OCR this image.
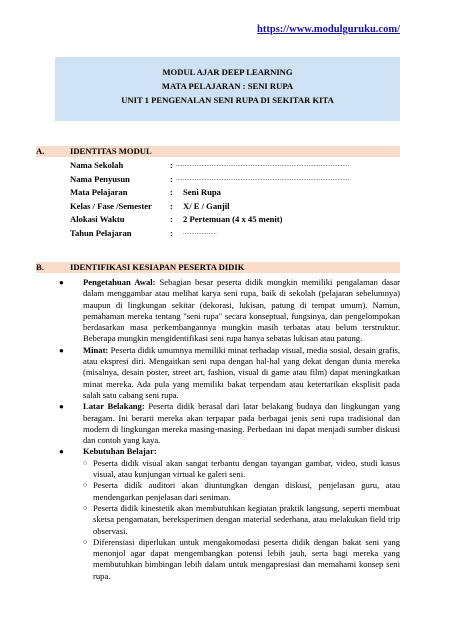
https://www.modulguruku.com/
MODUL AJAR DEEP LEARNING
MATA PELAJARAN : SENI RUPA
UNIT 1 PENGENALAN SENI RUPA DI SEKITAR KITA
A.	IDENTITAS MODUL
Nama Sekolah	: ......................................................................................................
Nama Penyusun	: ......................................................................................................
Mata Pelajaran	: Seni Rupa
Kelas / Fase /Semester : X/ E / Ganjil
Alokasi Waktu	: 2 Pertemuan (4 x 45 menit)
Tahun Pelajaran	: ....................
B.	IDENTIFIKASI KESIAPAN PESERTA DIDIK
● Pengetahuan Awal: Sebagian besar peserta didik mungkin memiliki pengalaman dasar dalam menggambar atau melihat karya seni rupa, baik di sekolah (pelajaran sebelumnya) maupun di lingkungan sekitar (dekorasi, lukisan, patung di tempat umum). Namun, pemahaman mereka tentang "seni rupa" secara konseptual, fungsinya, dan pengelompokan berdasarkan masa perkembangannya mungkin masih terbatas atau belum terstruktur. Beberapa mungkin mengidentifikasi seni rupa hanya sebatas lukisan atau patung.
● Minat: Peserta didik umumnya memiliki minat terhadap visual, media sosial, desain grafis, atau ekspresi diri. Mengaitkan seni rupa dengan hal-hal yang dekat dengan dunia mereka (misalnya, desain poster, street art, fashion, visual di game atau film) dapat meningkatkan minat mereka. Ada pula yang memiliki bakat terpendam atau ketertarikan eksplisit pada salah satu cabang seni rupa.
● Latar Belakang: Peserta didik berasal dari latar belakang budaya dan lingkungan yang beragam. Ini berarti mereka akan terpapar pada berbagai jenis seni rupa tradisional dan modern di lingkungan mereka masing-masing. Perbedaan ini dapat menjadi sumber diskusi dan contoh yang kaya.
● Kebutuhan Belajar:
○ Peserta didik visual akan sangat terbantu dengan tayangan gambar, video, studi kasus visual, atau kunjungan virtual ke galeri seni.
○ Peserta didik auditori akan diuntungkan dengan diskusi, penjelasan guru, atau mendengarkan penjelasan dari seniman.
○ Peserta didik kinestetik akan membutuhkan kegiatan praktik langsung, seperti membuat sketsa pengamatan, bereksperimen dengan material sederhana, atau melakukan field trip observasi.
○ Diferensiasi diperlukan untuk mengakomodasi peserta didik dengan bakat seni yang menonjol agar dapat mengembangkan potensi lebih jauh, serta bagi mereka yang membutuhkan bimbingan lebih dalam untuk mengapresiasi dan memahami konsep seni rupa.
